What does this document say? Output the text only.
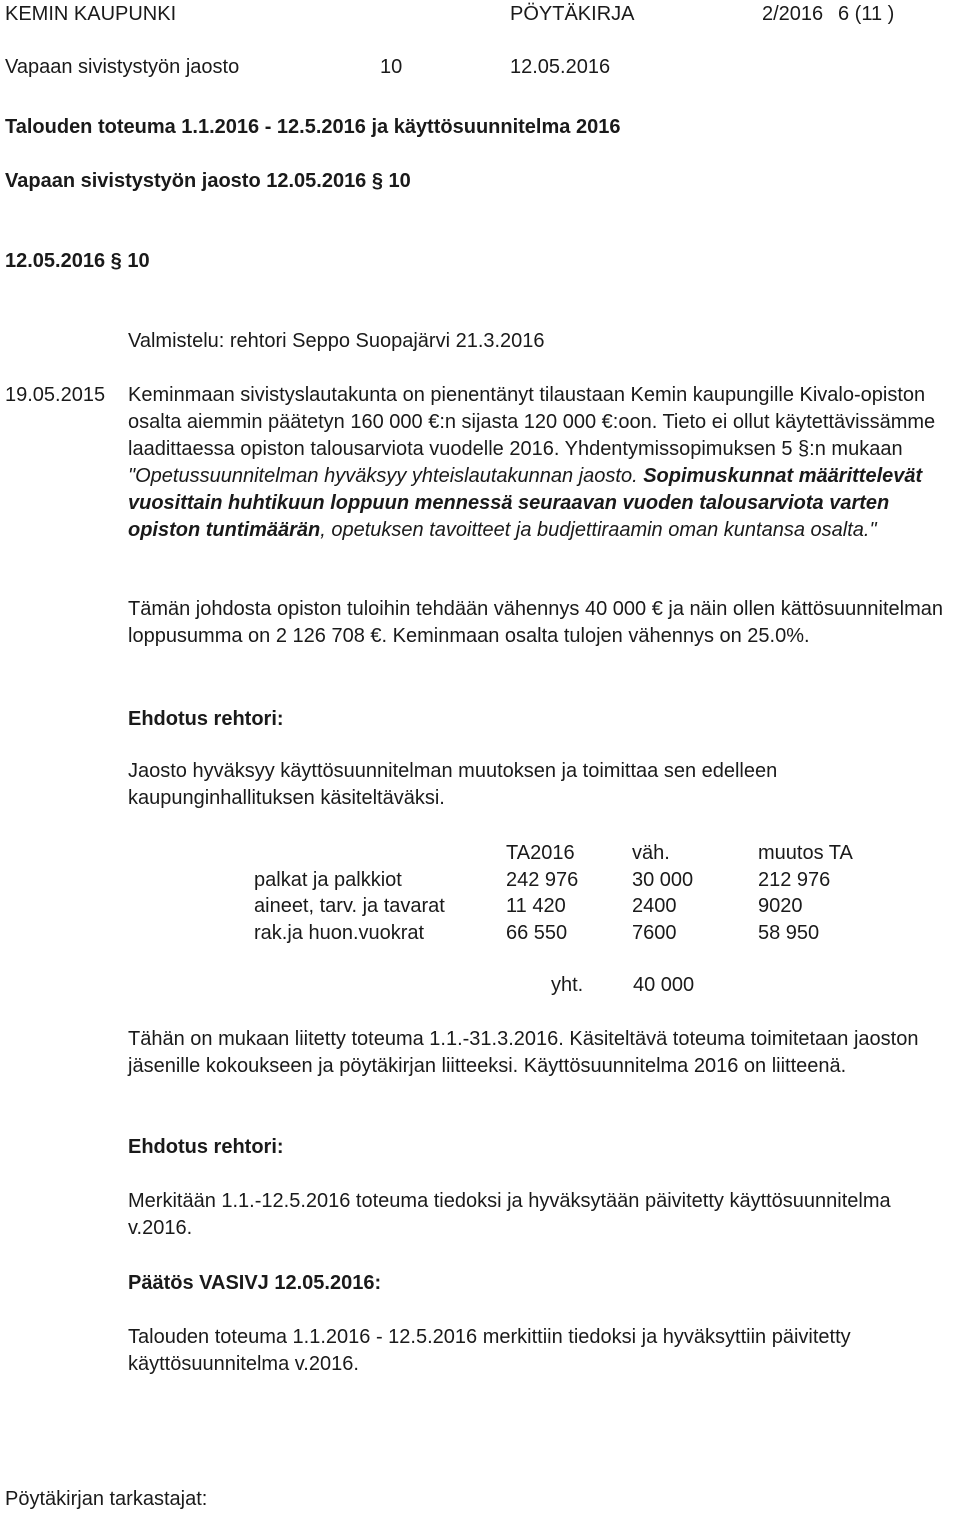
KEMIN KAUPUNKI	PÖYTÄKIRJA	2/2016 6 (11 )
Vapaan sivistystyön jaosto	10	12.05.2016
Talouden toteuma 1.1.2016 - 12.5.2016 ja käyttösuunnitelma 2016
Vapaan sivistystyön jaosto 12.05.2016 § 10
12.05.2016 § 10
Valmistelu: rehtori Seppo Suopajärvi 21.3.2016
19.05.2015 Keminmaan sivistyslautakunta on pienentänyt tilaustaan Kemin kaupungille Kivalo-opiston osalta aiemmin päätetyn 160 000 €:n sijasta 120 000 €:oon. Tieto ei ollut käytettävissämme laadittaessa opiston talousarviota vuodelle 2016. Yhdentymissopimuksen 5 §:n mukaan "Opetussuunnitelman hyväksyy yhteislautakunnan jaosto. Sopimuskunnat määrittelevät vuosittain huhtikuun loppuun mennessä seuraavan vuoden talousarviota varten opiston tuntimäärän, opetuksen tavoitteet ja budjettiraamin oman kuntansa osalta."
Tämän johdosta opiston tuloihin tehdään vähennys 40 000 € ja näin ollen kättösuunnitelman loppusumma on 2 126 708 €. Keminmaan osalta tulojen vähennys on 25.0%.
Ehdotus rehtori:
Jaosto hyväksyy käyttösuunnitelman muutoksen ja toimittaa sen edelleen kaupunginhallituksen käsiteltäväksi.
	TA2016	väh.	muutos TA
palkat ja palkkiot	242 976	30 000	212 976
aineet, tarv. ja tavarat	11 420	2400	9020
rak.ja huon.vuokrat	66 550	7600	58 950
yht. 40 000
Tähän on mukaan liitetty toteuma 1.1.-31.3.2016. Käsiteltävä toteuma toimitetaan jaoston jäsenille kokoukseen ja pöytäkirjan liitteeksi. Käyttösuunnitelma 2016 on liitteenä.
Ehdotus rehtori:
Merkitään 1.1.-12.5.2016 toteuma tiedoksi ja hyväksytään päivitetty käyttösuunnitelma v.2016.
Päätös VASIVJ 12.05.2016:
Talouden toteuma 1.1.2016 - 12.5.2016 merkittiin tiedoksi ja hyväksyttiin päivitetty käyttösuunnitelma v.2016.
Pöytäkirjan tarkastajat:
